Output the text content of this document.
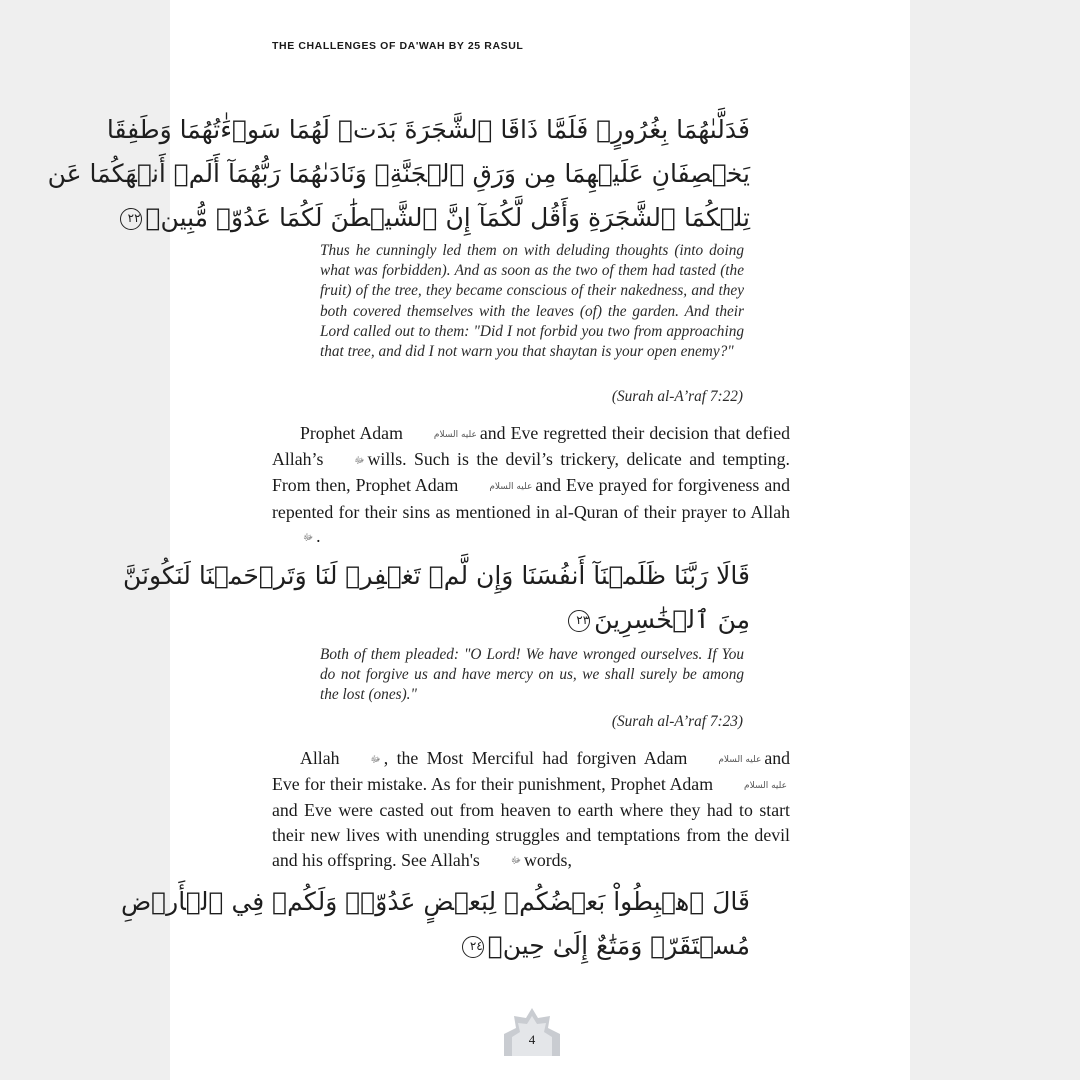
THE CHALLENGES OF DA'WAH BY 25 RASUL
فَدَلَّىٰهُمَا بِغُرُورٍۚ فَلَمَّا ذَاقَا ٱلشَّجَرَةَ بَدَتۡ لَهُمَا سَوۡءَٰتُهُمَا وَطَفِقَا
يَخۡصِفَانِ عَلَيۡهِمَا مِن وَرَقِ ٱلۡجَنَّةِۖ وَنَادَىٰهُمَا رَبُّهُمَآ أَلَمۡ أَنۡهَكُمَا عَن
تِلۡكُمَا ٱلشَّجَرَةِ وَأَقُل لَّكُمَآ إِنَّ ٱلشَّيۡطَٰنَ لَكُمَا عَدُوّٞ مُّبِينٞ٢٢
Thus he cunningly led them on with deluding thoughts (into doing what was forbidden). And as soon as the two of them had tasted (the fruit) of the tree, they became conscious of their nakedness, and they both covered themselves with the leaves (of) the garden. And their Lord called out to them: "Did I not forbid you two from approaching that tree, and did I not warn you that shaytan is your open enemy?"
(Surah al-A’raf 7:22)
Prophet Adam	عليه السلام and Eve regretted their decision that defied Allah’s	ﷻ wills. Such is the devil’s trickery, delicate and tempting. From then, Prophet Adam	عليه السلام and Eve prayed for forgiveness and repented for their sins as mentioned in al-Quran of their prayer to Allahﷻ .
قَالَا رَبَّنَا ظَلَمۡنَآ أَنفُسَنَا وَإِن لَّمۡ تَغۡفِرۡ لَنَا وَتَرۡحَمۡنَا لَنَكُونَنَّ
مِنَ ٱلۡخَٰسِرِينَ٢٣
Both of them pleaded: "O Lord! We have wronged ourselves. If You do not forgive us and have mercy on us, we shall surely be among the lost (ones)."
(Surah al-A’raf 7:23)
Allah	ﷻ , the Most Merciful had forgiven Adam	عليه السلام and Eve for their mistake. As for their punishment, Prophet Adam	عليه السلامand Eve were casted out from heaven to earth where they had to start their new lives with unending struggles and temptations from the devil and his offspring. See Allah's	ﷻ words,
قَالَ ٱهۡبِطُواْ بَعۡضُكُمۡ لِبَعۡضٍ عَدُوّٞۖ وَلَكُمۡ فِي ٱلۡأَرۡضِ
مُسۡتَقَرّٞ وَمَتَٰعٌ إِلَىٰ حِينٖ٢٤
4
